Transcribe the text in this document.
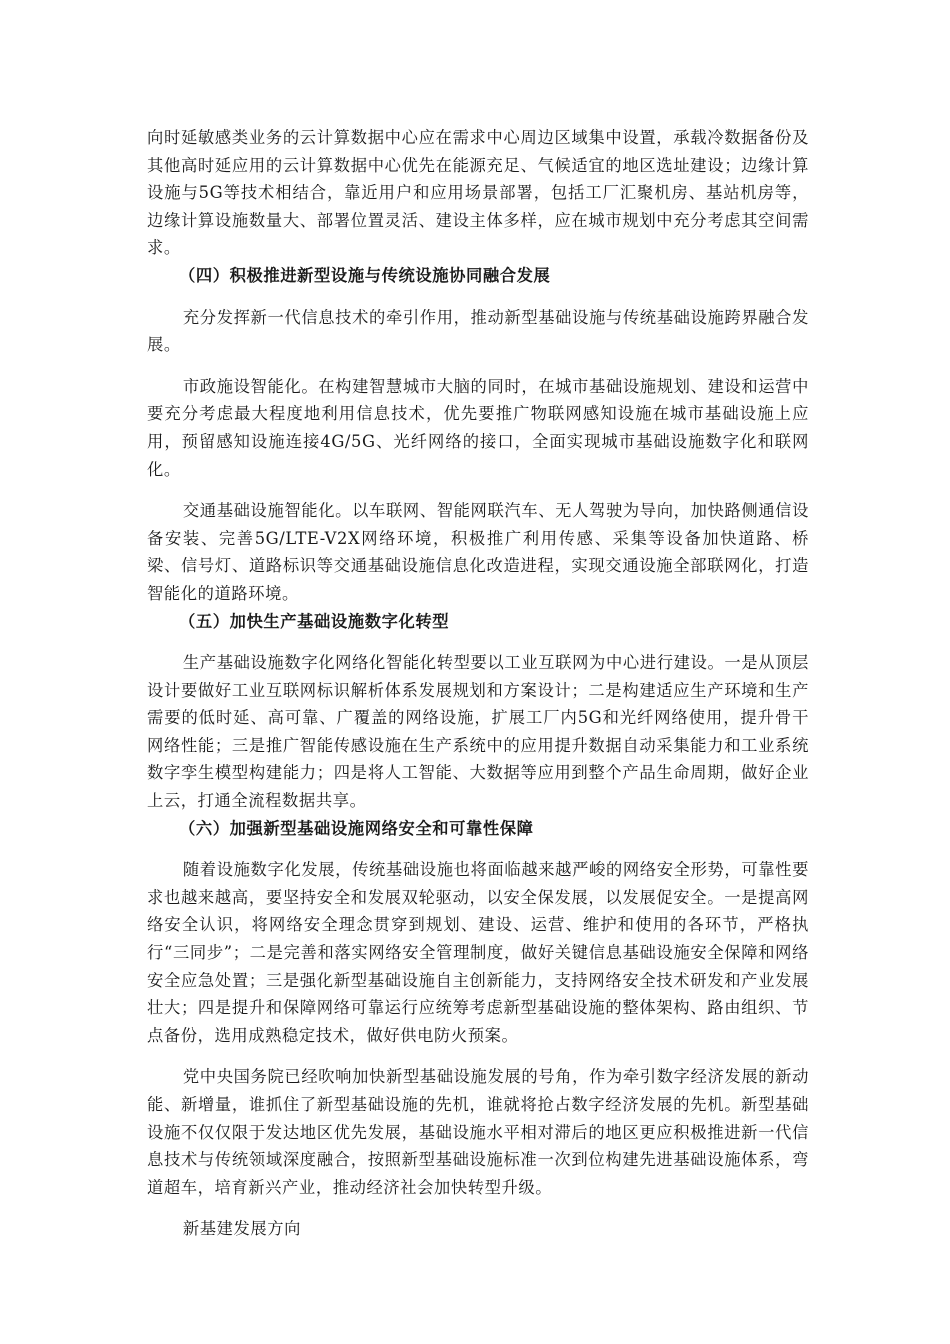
向时延敏感类业务的云计算数据中心应在需求中心周边区域集中设置，承载冷数据备份及其他高时延应用的云计算数据中心优先在能源充足、气候适宜的地区选址建设；边缘计算设施与5G等技术相结合，靠近用户和应用场景部署，包括工厂汇聚机房、基站机房等，边缘计算设施数量大、部署位置灵活、建设主体多样，应在城市规划中充分考虑其空间需求。

（四）积极推进新型设施与传统设施协同融合发展

充分发挥新一代信息技术的牵引作用，推动新型基础设施与传统基础设施跨界融合发展。

市政施设智能化。在构建智慧城市大脑的同时，在城市基础设施规划、建设和运营中要充分考虑最大程度地利用信息技术，优先要推广物联网感知设施在城市基础设施上应用，预留感知设施连接4G/5G、光纤网络的接口，全面实现城市基础设施数字化和联网化。

交通基础设施智能化。以车联网、智能网联汽车、无人驾驶为导向，加快路侧通信设备安装、完善5G/LTE-V2X网络环境，积极推广利用传感、采集等设备加快道路、桥梁、信号灯、道路标识等交通基础设施信息化改造进程，实现交通设施全部联网化，打造智能化的道路环境。

（五）加快生产基础设施数字化转型

生产基础设施数字化网络化智能化转型要以工业互联网为中心进行建设。一是从顶层设计要做好工业互联网标识解析体系发展规划和方案设计；二是构建适应生产环境和生产需要的低时延、高可靠、广覆盖的网络设施，扩展工厂内5G和光纤网络使用，提升骨干网络性能；三是推广智能传感设施在生产系统中的应用提升数据自动采集能力和工业系统数字孪生模型构建能力；四是将人工智能、大数据等应用到整个产品生命周期，做好企业上云，打通全流程数据共享。

（六）加强新型基础设施网络安全和可靠性保障

随着设施数字化发展，传统基础设施也将面临越来越严峻的网络安全形势，可靠性要求也越来越高，要坚持安全和发展双轮驱动，以安全保发展，以发展促安全。一是提高网络安全认识，将网络安全理念贯穿到规划、建设、运营、维护和使用的各环节，严格执行“三同步”；二是完善和落实网络安全管理制度，做好关键信息基础设施安全保障和网络安全应急处置；三是强化新型基础设施自主创新能力，支持网络安全技术研发和产业发展壮大；四是提升和保障网络可靠运行应统筹考虑新型基础设施的整体架构、路由组织、节点备份，选用成熟稳定技术，做好供电防火预案。

党中央国务院已经吹响加快新型基础设施发展的号角，作为牵引数字经济发展的新动能、新增量，谁抓住了新型基础设施的先机，谁就将抢占数字经济发展的先机。新型基础设施不仅仅限于发达地区优先发展，基础设施水平相对滞后的地区更应积极推进新一代信息技术与传统领域深度融合，按照新型基础设施标准一次到位构建先进基础设施体系，弯道超车，培育新兴产业，推动经济社会加快转型升级。

新基建发展方向
